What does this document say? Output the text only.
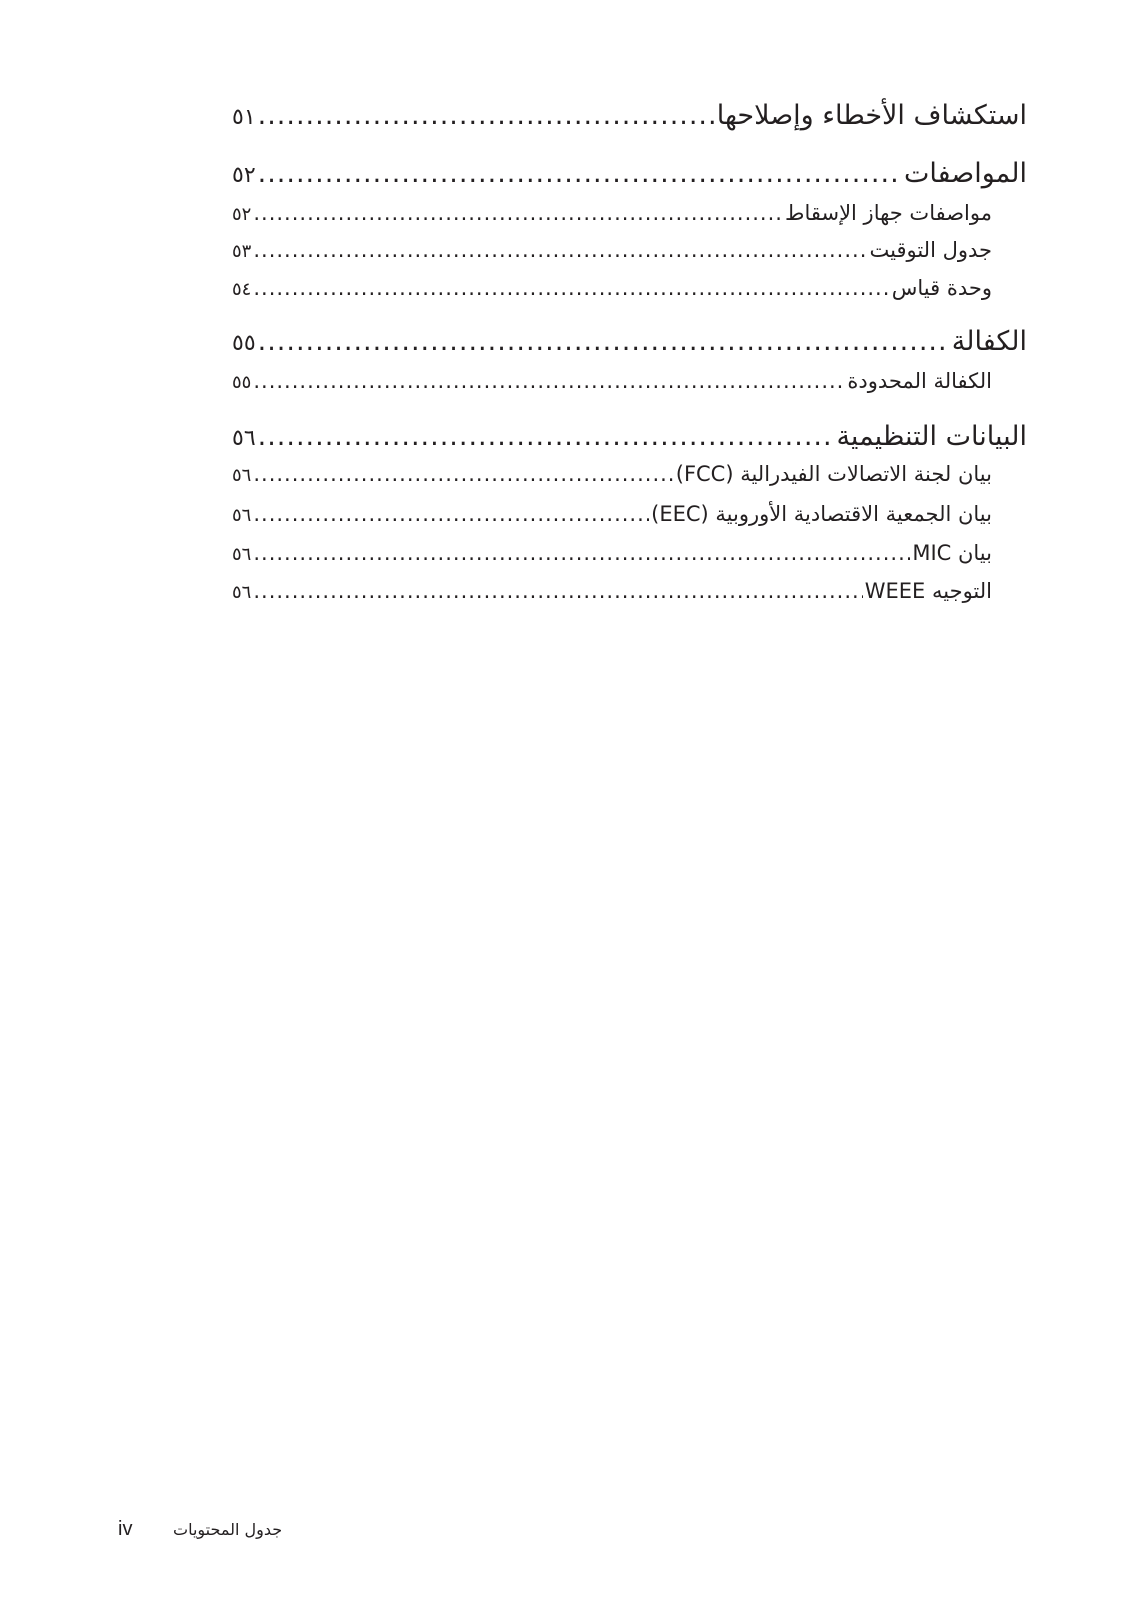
٥١ .....	استكشاف الأخطاء وإصلاحها
٥٢ .....	المواصفات
٥٢ .....	مواصفات جهاز الإسقاط
٥٣ .....	جدول التوقيت
٥٤ .....	وحدة قياس
٥٥ .....	الكفالة
٥٥ .....	الكفالة المحدودة
٥٦ .....	البيانات التنظيمية
٥٦ .....	بيان لجنة الاتصالات الفيدرالية (FCC)
٥٦ .....	بيان الجمعية الاقتصادية الأوروبية (EEC)
٥٦ .....	بيان MIC
٥٦ .....	التوجيه WEEE
iv	جدول المحتويات
